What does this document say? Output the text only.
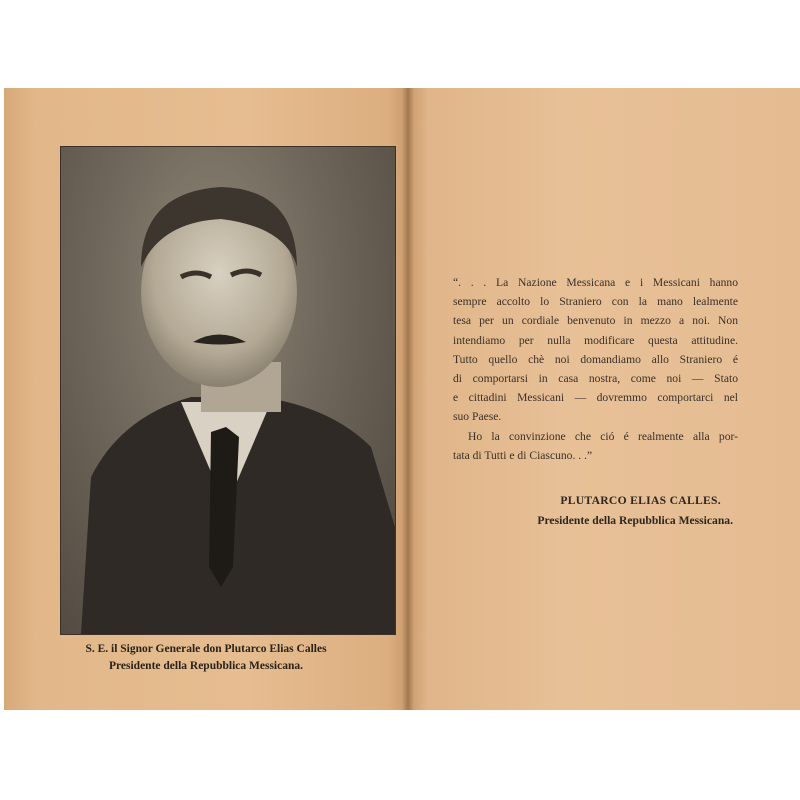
S. E. il Signor Generale don Plutarco Elias Calles
Presidente della Repubblica Messicana.
“. . . La Nazione Messicana e i Messicani hanno
sempre accolto lo Straniero con la mano lealmente
tesa per un cordiale benvenuto in mezzo a noi. Non
intendiamo per nulla modificare questa attitudine.
Tutto quello chè noi domandiamo allo Straniero é
di comportarsi in casa nostra, come noi — Stato
e cittadini Messicani — dovremmo comportarci nel
suo Paese.
Ho la convinzione che ció é realmente alla por-
tata di Tutti e di Ciascuno. . .”
PLUTARCO ELIAS CALLES.
Presidente della Repubblica Messicana.
